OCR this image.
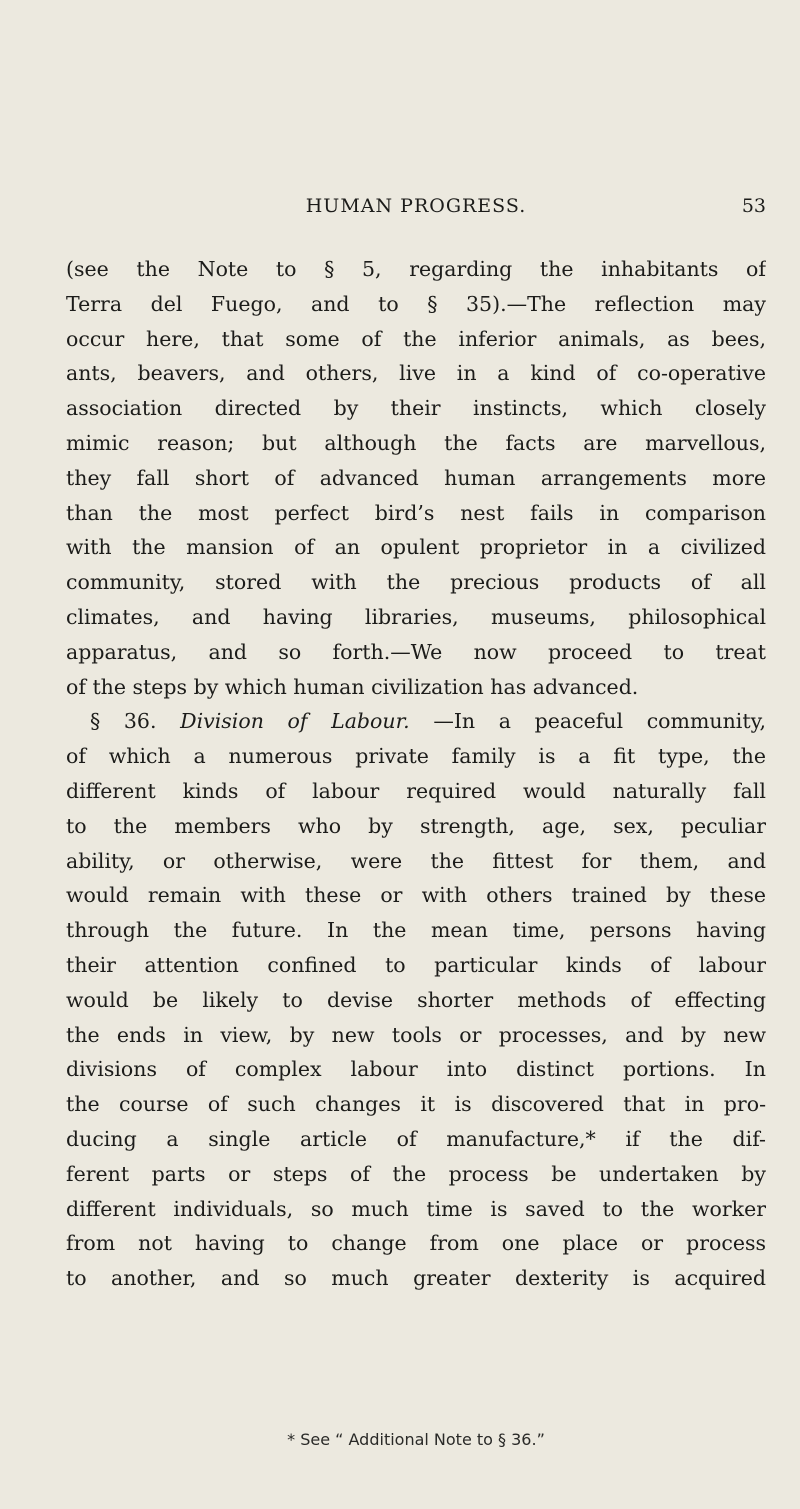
HUMAN PROGRESS.	53
(see the Note to § 5, regarding the inhabitants of
Terra del Fuego, and to § 35).—The reflection may
occur here, that some of the inferior animals, as bees,
ants, beavers, and others, live in a kind of co-operative
association directed by their instincts, which closely
mimic reason; but although the facts are marvellous,
they fall short of advanced human arrangements more
than the most perfect bird’s nest fails in comparison
with the mansion of an opulent proprietor in a civilized
community, stored with the precious products of all
climates, and having libraries, museums, philosophical
apparatus, and so forth.—We now proceed to treat
of the steps by which human civilization has advanced.
§ 36. Division of Labour. —In a peaceful community,
of which a numerous private family is a fit type, the
different kinds of labour required would naturally fall
to the members who by strength, age, sex, peculiar
ability, or otherwise, were the fittest for them, and
would remain with these or with others trained by these
through the future. In the mean time, persons having
their attention confined to particular kinds of labour
would be likely to devise shorter methods of effecting
the ends in view, by new tools or processes, and by new
divisions of complex labour into distinct portions. In
the course of such changes it is discovered that in pro-
ducing a single article of manufacture,* if the dif-
ferent parts or steps of the process be undertaken by
different individuals, so much time is saved to the worker
from not having to change from one place or process
to another, and so much greater dexterity is acquired
* See “ Additional Note to § 36.”
